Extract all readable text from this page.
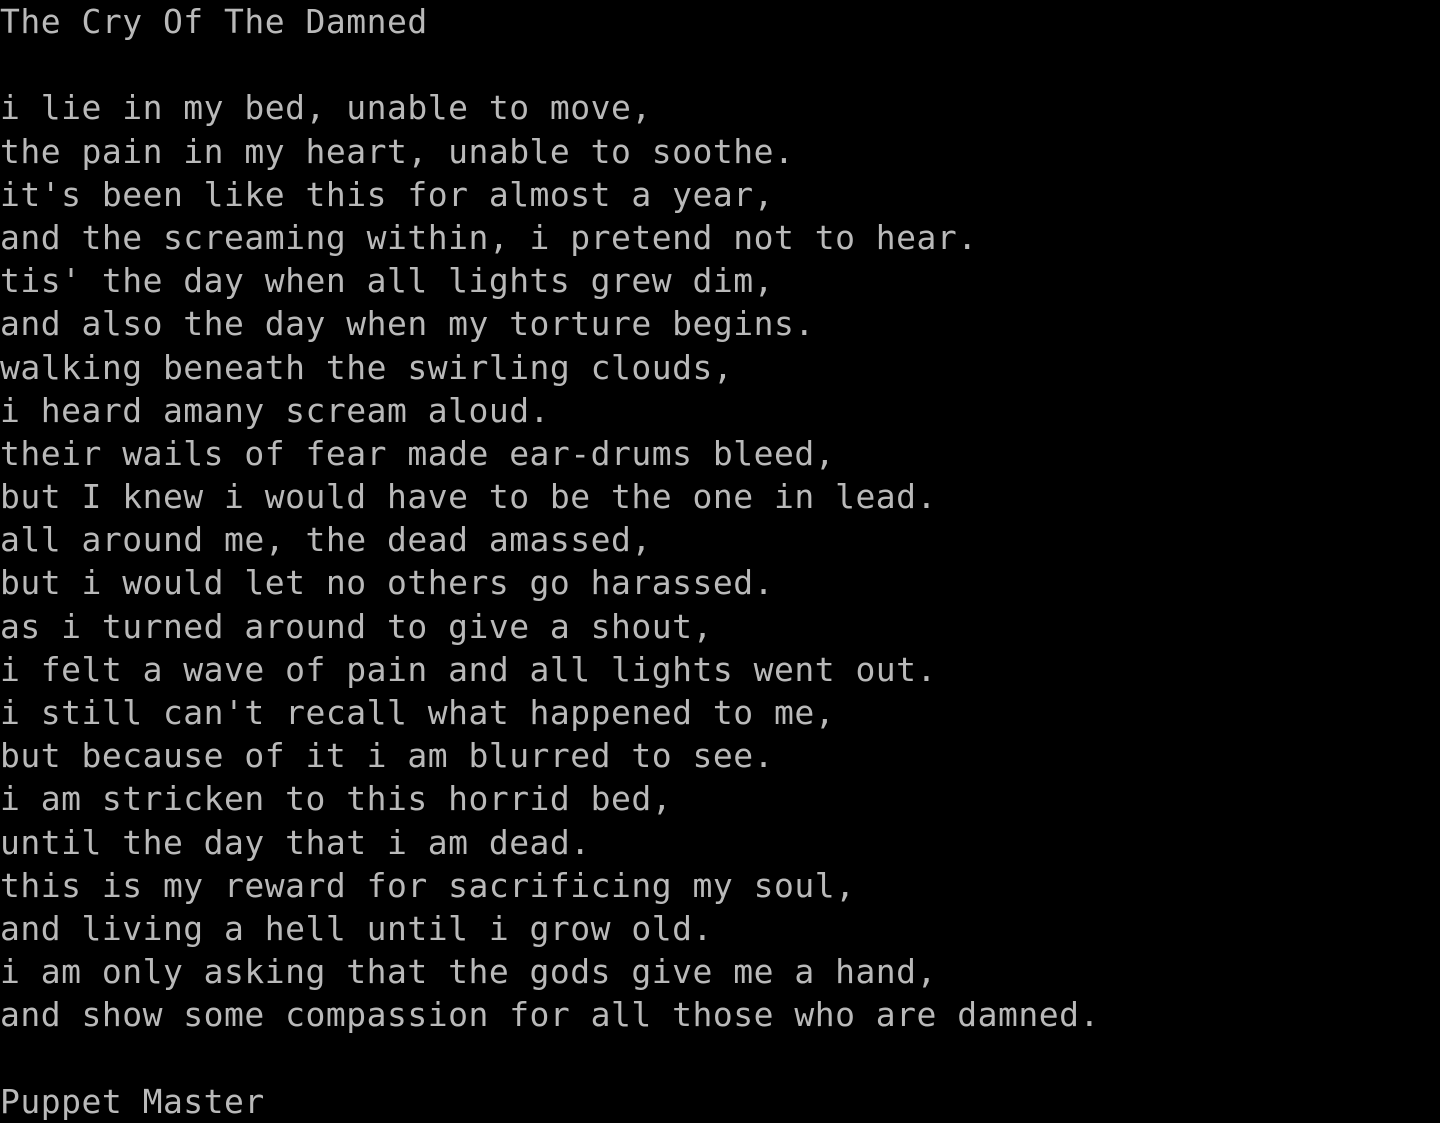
The Cry Of The Damned
i lie in my bed, unable to move,
the pain in my heart, unable to soothe.
it's been like this for almost a year,
and the screaming within, i pretend not to hear.
tis' the day when all lights grew dim,
and also the day when my torture begins.
walking beneath the swirling clouds,
i heard amany scream aloud.
their wails of fear made ear-drums bleed,
but I knew i would have to be the one in lead.
all around me, the dead amassed,
but i would let no others go harassed.
as i turned around to give a shout,
i felt a wave of pain and all lights went out.
i still can't recall what happened to me,
but because of it i am blurred to see.
i am stricken to this horrid bed,
until the day that i am dead.
this is my reward for sacrificing my soul,
and living a hell until i grow old.
i am only asking that the gods give me a hand,
and show some compassion for all those who are damned.
Puppet Master
